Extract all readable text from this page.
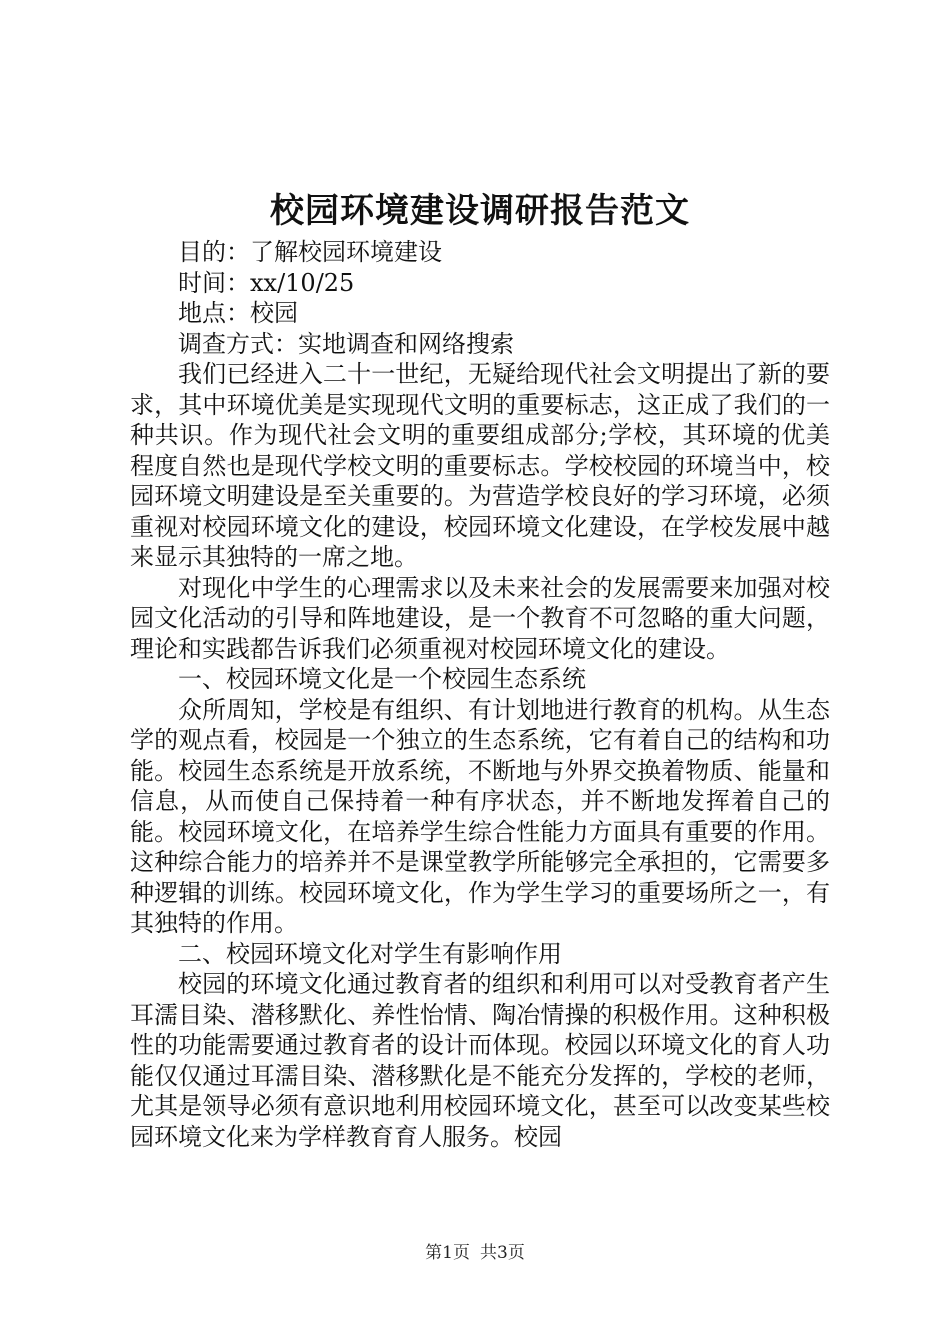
校园环境建设调研报告范文

目的：了解校园环境建设

时间：xx/10/25

地点：校园

调查方式：实地调查和网络搜索

我们已经进入二十一世纪，无疑给现代社会文明提出了新的要求，其中环境优美是实现现代文明的重要标志，这正成了我们的一种共识。作为现代社会文明的重要组成部分;学校，其环境的优美程度自然也是现代学校文明的重要标志。学校校园的环境当中，校园环境文明建设是至关重要的。为营造学校良好的学习环境，必须重视对校园环境文化的建设，校园环境文化建设，在学校发展中越来显示其独特的一席之地。

对现化中学生的心理需求以及未来社会的发展需要来加强对校园文化活动的引导和阵地建设，是一个教育不可忽略的重大问题，理论和实践都告诉我们必须重视对校园环境文化的建设。

一、校园环境文化是一个校园生态系统

众所周知，学校是有组织、有计划地进行教育的机构。从生态学的观点看，校园是一个独立的生态系统，它有着自己的结构和功能。校园生态系统是开放系统，不断地与外界交换着物质、能量和信息，从而使自己保持着一种有序状态，并不断地发挥着自己的能。校园环境文化，在培养学生综合性能力方面具有重要的作用。这种综合能力的培养并不是课堂教学所能够完全承担的，它需要多种逻辑的训练。校园环境文化，作为学生学习的重要场所之一，有其独特的作用。

二、校园环境文化对学生有影响作用

校园的环境文化通过教育者的组织和利用可以对受教育者产生耳濡目染、潜移默化、养性怡情、陶冶情操的积极作用。这种积极性的功能需要通过教育者的设计而体现。校园以环境文化的育人功能仅仅通过耳濡目染、潜移默化是不能充分发挥的，学校的老师，尤其是领导必须有意识地利用校园环境文化，甚至可以改变某些校园环境文化来为学样教育育人服务。校园

第1页 共3页
